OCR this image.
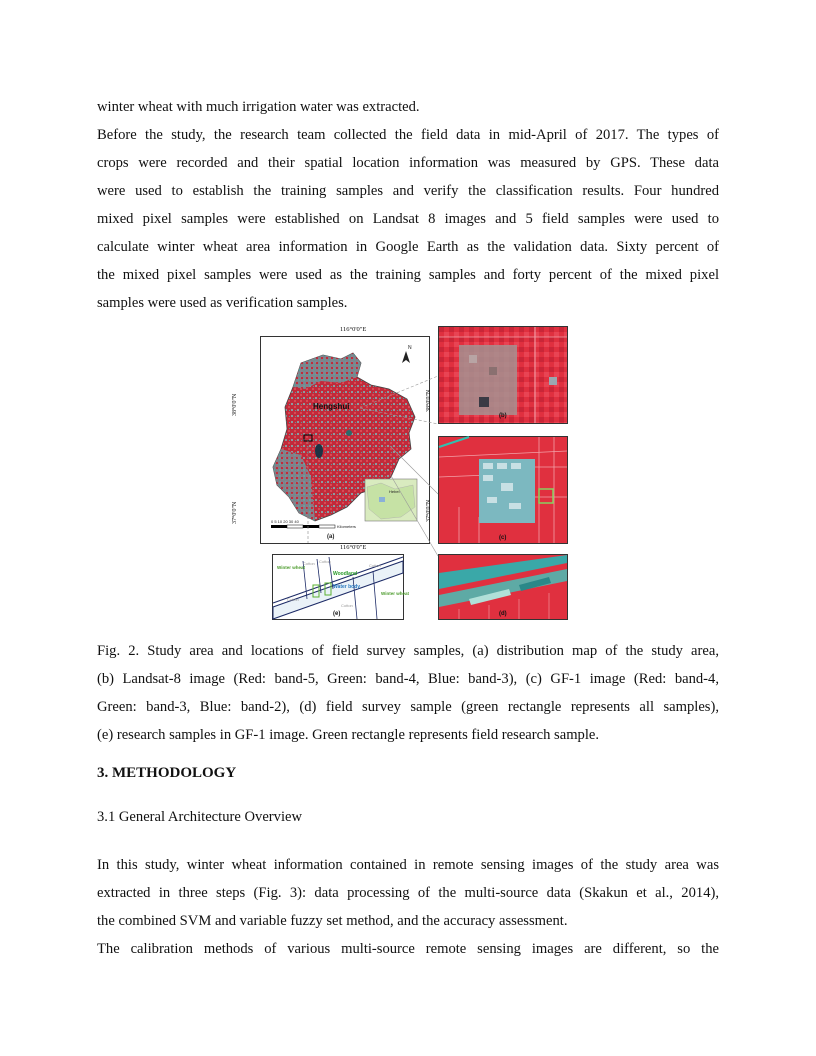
winter wheat with much irrigation water was extracted.
Before the study, the research team collected the field data in mid-April of 2017. The types of
crops were recorded and their spatial location information was measured by GPS. These data
were used to establish the training samples and verify the classification results. Four hundred
mixed pixel samples were established on Landsat 8 images and 5 field samples were used to
calculate winter wheat area information in Google Earth as the validation data. Sixty percent of
the mixed pixel samples were used as the training samples and forty percent of the mixed pixel
samples were used as verification samples.
Hengshui
N
Hebei
0 5 10 20 30 40
Kilometers
(a)
116°0'0"E
116°0'0"E
38°0'0"N
37°0'0"N
38°0'0"N
37°0'0"N
(b)
(c)
(d)
Winter wheat
Cotton Cotton
Woodland
Cotton
Water body
Cotton
Winter wheat
Cotton
(e)
Fig. 2. Study area and locations of field survey samples, (a) distribution map of the study area,
(b) Landsat-8 image (Red: band-5, Green: band-4, Blue: band-3), (c) GF-1 image (Red: band-4,
Green: band-3, Blue: band-2), (d) field survey sample (green rectangle represents all samples),
(e) research samples in GF-1 image. Green rectangle represents field research sample.
3. METHODOLOGY
3.1 General Architecture Overview
In this study, winter wheat information contained in remote sensing images of the study area was
extracted in three steps (Fig. 3): data processing of the multi-source data (Skakun et al., 2014),
the combined SVM and variable fuzzy set method, and the accuracy assessment.
The calibration methods of various multi-source remote sensing images are different, so the
